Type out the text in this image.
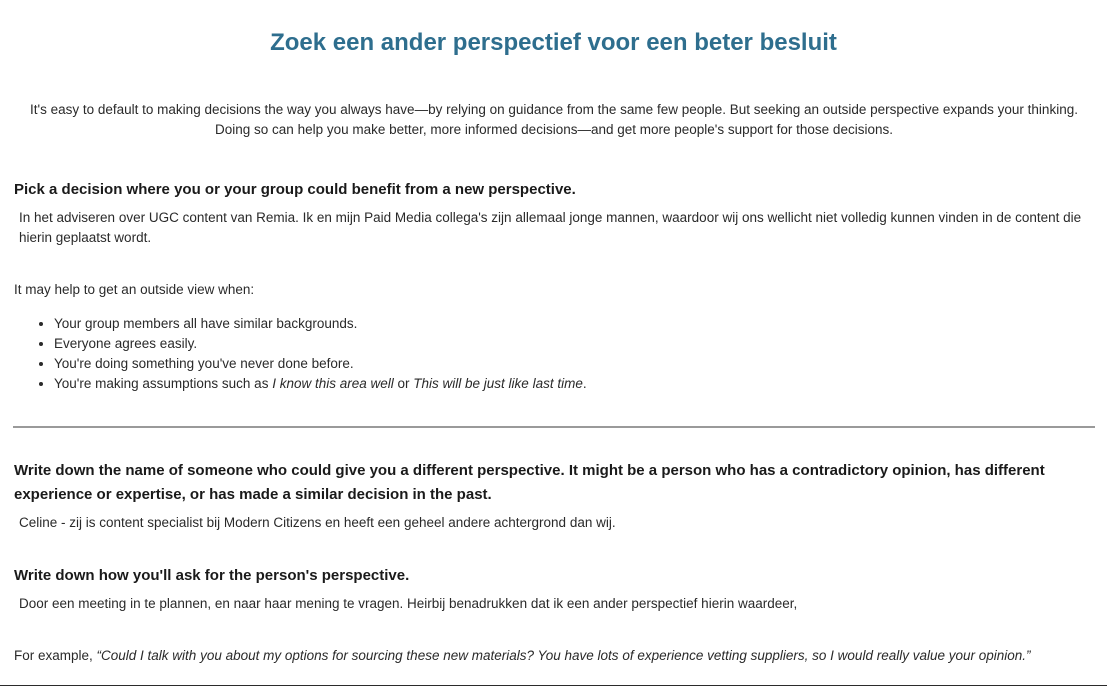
Zoek een ander perspectief voor een beter besluit

It's easy to default to making decisions the way you always have—by relying on guidance from the same few people. But seeking an outside perspective expands your thinking. Doing so can help you make better, more informed decisions—and get more people's support for those decisions.

Pick a decision where you or your group could benefit from a new perspective.

In het adviseren over UGC content van Remia. Ik en mijn Paid Media collega's zijn allemaal jonge mannen, waardoor wij ons wellicht niet volledig kunnen vinden in de content die hierin geplaatst wordt.

It may help to get an outside view when:

• Your group members all have similar backgrounds.
• Everyone agrees easily.
• You're doing something you've never done before.
• You're making assumptions such as I know this area well or This will be just like last time.
Write down the name of someone who could give you a different perspective. It might be a person who has a contradictory opinion, has different experience or expertise, or has made a similar decision in the past.

Celine - zij is content specialist bij Modern Citizens en heeft een geheel andere achtergrond dan wij.

Write down how you'll ask for the person's perspective.

Door een meeting in te plannen, en naar haar mening te vragen. Heirbij benadrukken dat ik een ander perspectief hierin waardeer,

For example, “Could I talk with you about my options for sourcing these new materials? You have lots of experience vetting suppliers, so I would really value your opinion.”
